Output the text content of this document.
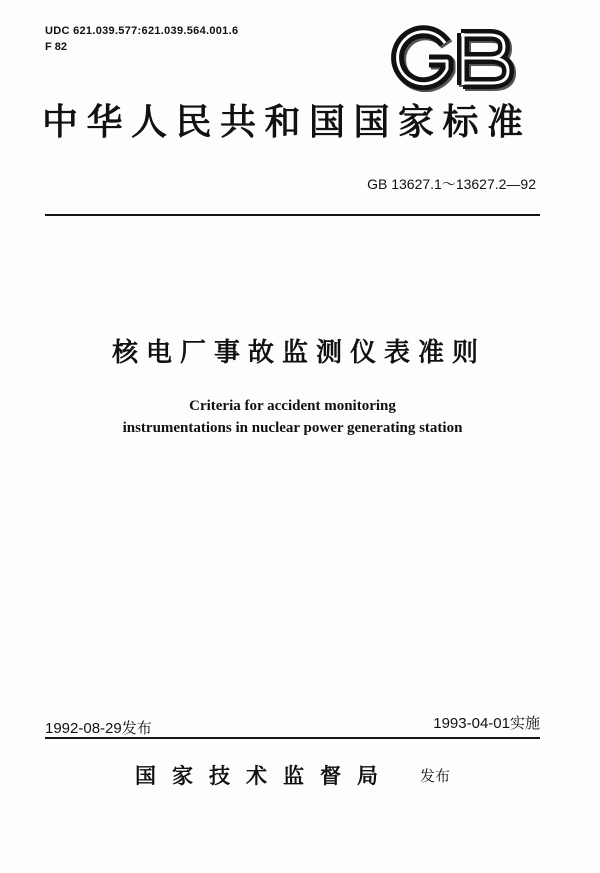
UDC 621.039.577:621.039.564.001.6
F 82
中华人民共和国国家标准
GB 13627.1～13627.2—92
核电厂事故监测仪表准则
Criteria for accident monitoring
instrumentations in nuclear power generating station
1992-08-29发布	1993-04-01实施
国家技术监督局 发布
